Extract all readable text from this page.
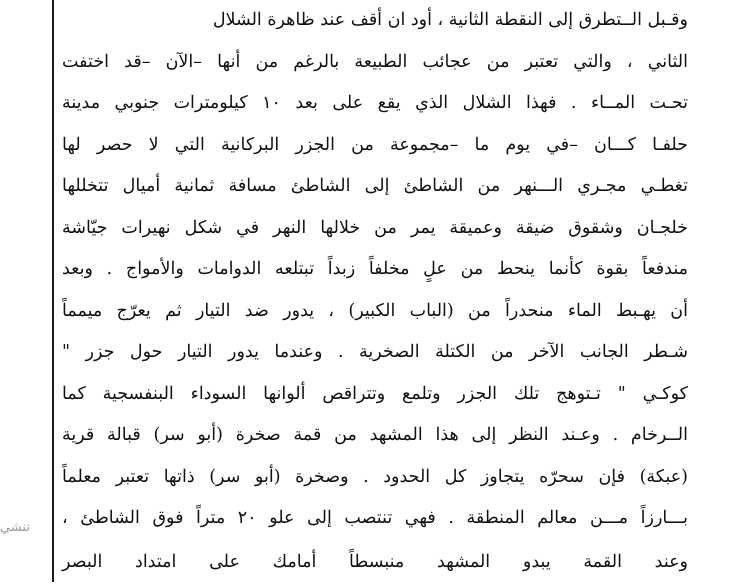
وقـبل الــتطرق إلى النقطة الثانية ، أود ان أقف عند ظاهرة الشلال
الثاني ، والتي تعتبر من عجائب الطبيعة بالرغم من أنها –الآن –قد اختفت
تحـت المــاء . فهذا الشلال الذي يقع على بعد ١٠ كيلومترات جنوبي مدينة
حلفـا كـــان –في يوم ما –مجموعة من الجزر البركانية التي لا حصر لها
تغطـي مجـري الـــنهر من الشاطئ إلى الشاطئ مسافة ثمانية أميال تتخللها
خلجـان وشقوق ضيقة وعميقة يمر من خلالها النهر في شكل نهيرات جيّاشة
مندفعاً بقوة كأنما ينحط من علٍ مخلفاً زبداً تبتلعه الدوامات والأمواج . وبعد
أن يهـبط الماء منحدراً من (الباب الكبير) ، يدور ضد التيار ثم يعرّج ميمماً
شـطر الجانب الآخر من الكتلة الصخرية . وعندما يدور التيار حول جزر "
كوكـي " تـتوهج تلك الجزر وتلمع وتتراقص ألوانها السوداء البنفسجية كما
الــرخام . وعـند النظر إلى هذا المشهد من قمة صخرة (أبو سر) قبالة قرية
(عبكة) فإن سحرّه يتجاوز كل الحدود . وصخرة (أبو سر) ذاتها تعتبر معلماً
بـــارزاً مـــن معالم المنطقة . فهي تنتصب إلى علو ٢٠ متراً فوق الشاطئ ،
وعند القمة يبدو المشهد منبسطاً أمامك على امتداد البصر
تنشي
